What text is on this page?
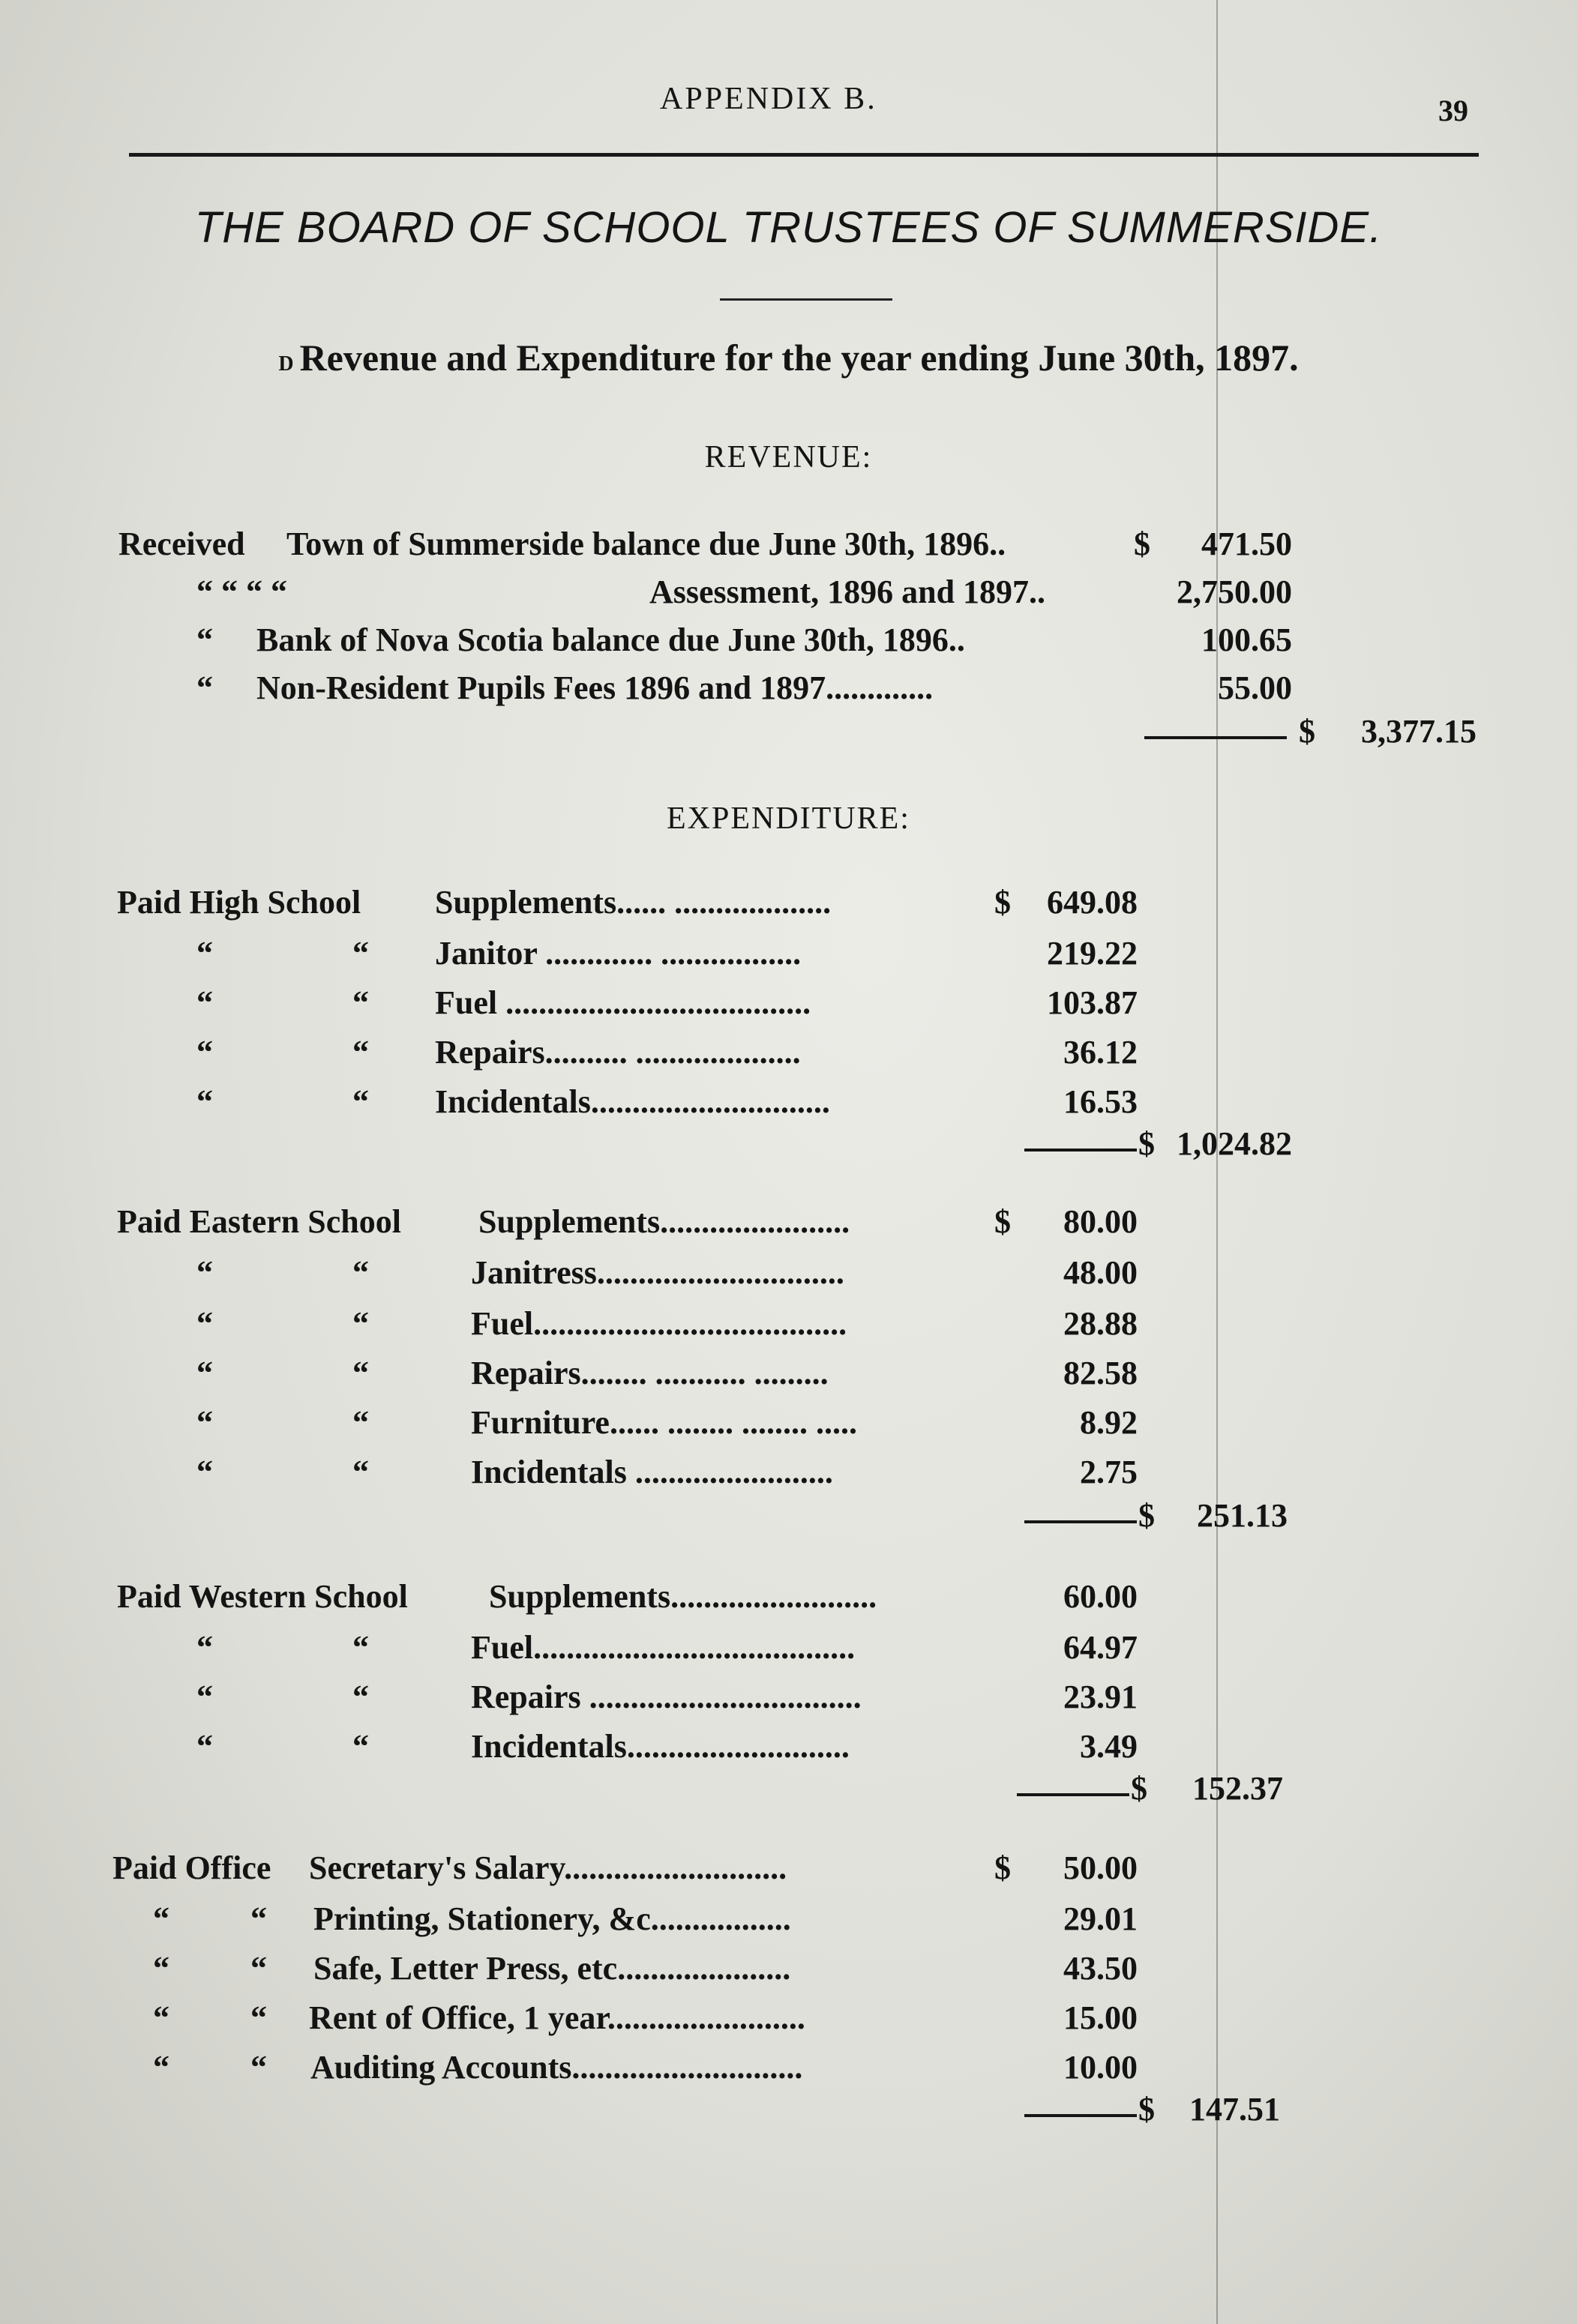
APPENDIX B.	39
THE BOARD OF SCHOOL TRUSTEES OF SUMMERSIDE.
D Revenue and Expenditure for the year ending June 30th, 1897.
REVENUE:
Received Town of Summerside balance due June 30th, 1896..	$ 471.50
“ “ “ “	Assessment, 1896 and 1897..	2,750.00
“ Bank of Nova Scotia balance due June 30th, 1896..	100.65
“ Non-Resident Pupils Fees 1896 and 1897.............	55.00
$ 3,377.15
EXPENDITURE:
Paid High School Supplements...... ...................	$ 649.08
“	“ Janitor ............. .................	219.22
“	“ Fuel .....................................	103.87
“	“ Repairs.......... ....................	36.12
“	“ Incidentals.............................	16.53
$ 1,024.82
Paid Eastern School Supplements.......................	$ 80.00
“	“	Janitress..............................	48.00
“	“	Fuel......................................	28.88
“	“	Repairs........ ........... .........	82.58
“	“	Furniture...... ........ ........ .....	8.92
“	“	Incidentals ........................	2.75
$ 251.13
Paid Western School Supplements.........................	60.00
“	“	Fuel.......................................	64.97
“	“	Repairs .................................	23.91
“	“	Incidentals...........................	3.49
$ 152.37
Paid Office Secretary's Salary...........................	$ 50.00
“ “ Printing, Stationery, &c.................	29.01
“ “ Safe, Letter Press, etc.....................	43.50
“ “ Rent of Office, 1 year........................	15.00
“ “ Auditing Accounts............................	10.00
$ 147.51
